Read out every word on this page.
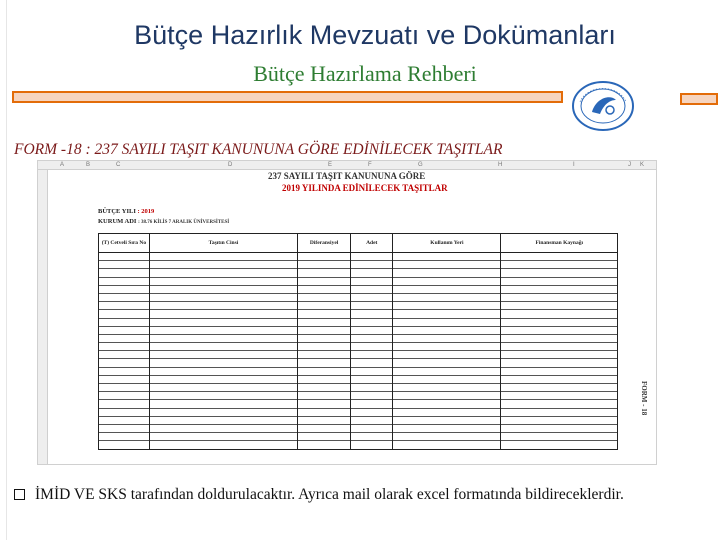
Bütçe Hazırlık Mevzuatı ve Dokümanları
Bütçe Hazırlama Rehberi
FORM -18 : 237 SAYILI TAŞIT KANUNUNA GÖRE EDİNİLECEK TAŞITLAR
A	B	C	D	E	F	G	H	I	J K
237 SAYILI TAŞIT KANUNUNA GÖRE
2019 YILINDA EDİNİLECEK TAŞITLAR
BÜTÇE YILI : 2019
KURUM ADI : 38.76 KİLİS 7 ARALIK ÜNİVERSİTESİ
(T) Cetveli Sıra No	Taşıtın Cinsi	Diferansiyel	Adet	Kullanım Yeri	Finansman Kaynağı

FORM - 18
İMİD VE SKS tarafından doldurulacaktır. Ayrıca mail olarak excel formatında bildireceklerdir.
